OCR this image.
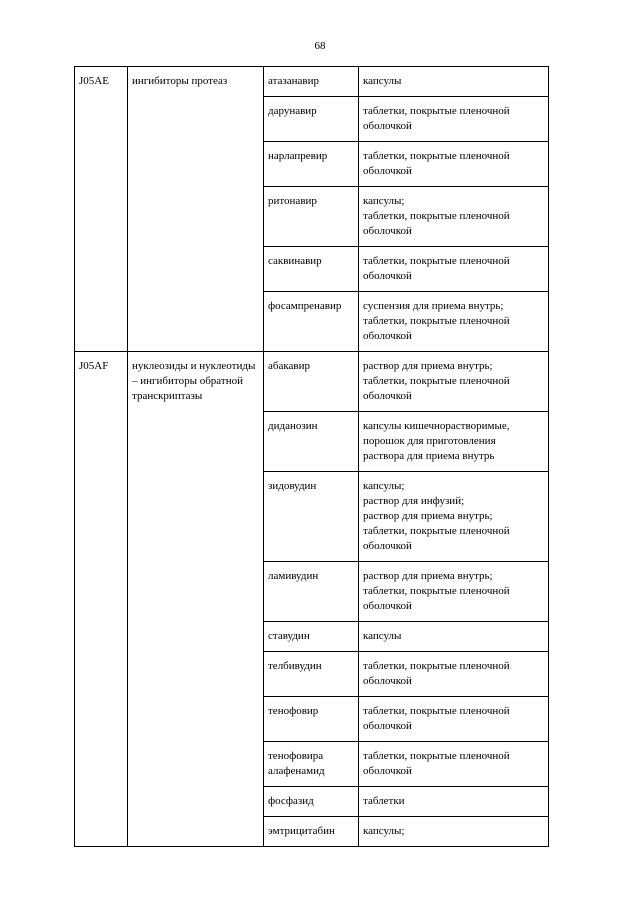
68
J05AE	ингибиторы протеаз	атазанавир	капсулы

		дарунавир	таблетки, покрытые пленочной
оболочкой

		нарлапревир	таблетки, покрытые пленочной
оболочкой

		ритонавир	капсулы;
таблетки, покрытые пленочной
оболочкой

		саквинавир	таблетки, покрытые пленочной
оболочкой

		фосампренавир	суспензия для приема внутрь;
таблетки, покрытые пленочной
оболочкой

J05AF	нуклеозиды и нуклеотиды – ингибиторы обратной транскриптазы	абакавир	раствор для приема внутрь;
таблетки, покрытые пленочной
оболочкой

		диданозин	капсулы кишечнорастворимые,
порошок для приготовления
раствора для приема внутрь

		зидовудин	капсулы;
раствор для инфузий;
раствор для приема внутрь;
таблетки, покрытые пленочной
оболочкой

		ламивудин	раствор для приема внутрь;
таблетки, покрытые пленочной
оболочкой

		ставудин	капсулы

		телбивудин	таблетки, покрытые пленочной
оболочкой

		тенофовир	таблетки, покрытые пленочной
оболочкой

		тенофовира алафенамид	таблетки, покрытые пленочной
оболочкой

		фосфазид	таблетки

		эмтрицитабин	капсулы;
